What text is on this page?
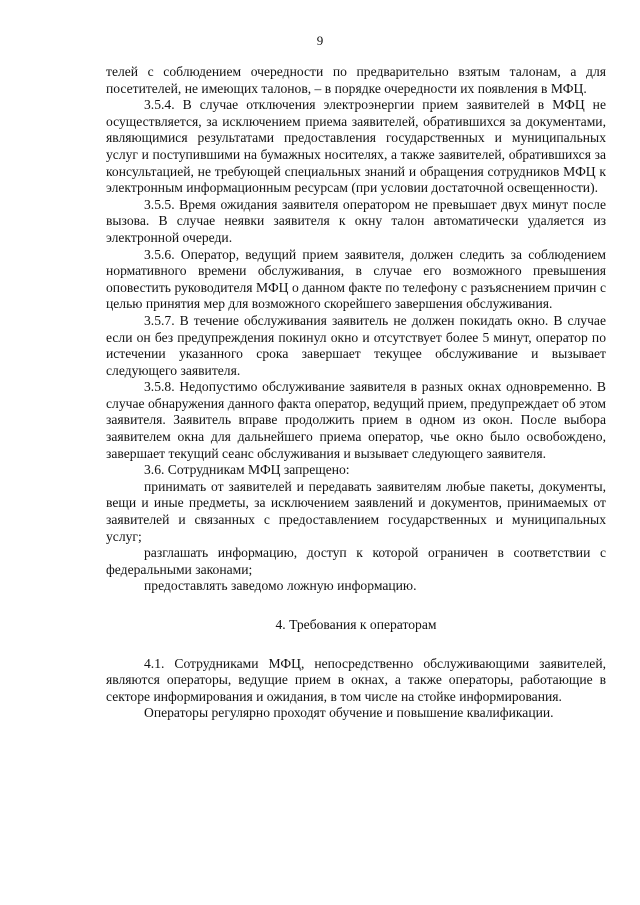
9

телей с соблюдением очередности по предварительно взятым талонам, а для посетителей, не имеющих талонов, – в порядке очередности их появления в МФЦ.

3.5.4. В случае отключения электроэнергии прием заявителей в МФЦ не осуществляется, за исключением приема заявителей, обратившихся за документами, являющимися результатами предоставления государственных и муниципальных услуг и поступившими на бумажных носителях, а также заявителей, обратившихся за консультацией, не требующей специальных знаний и обращения сотрудников МФЦ к электронным информационным ресурсам (при условии достаточной освещенности).

3.5.5. Время ожидания заявителя оператором не превышает двух минут после вызова. В случае неявки заявителя к окну талон автоматически удаляется из электронной очереди.

3.5.6. Оператор, ведущий прием заявителя, должен следить за соблюдением нормативного времени обслуживания, в случае его возможного превышения оповестить руководителя МФЦ о данном факте по телефону с разъяснением причин с целью принятия мер для возможного скорейшего завершения обслуживания.

3.5.7. В течение обслуживания заявитель не должен покидать окно. В случае если он без предупреждения покинул окно и отсутствует более 5 минут, оператор по истечении указанного срока завершает текущее обслуживание и вызывает следующего заявителя.

3.5.8. Недопустимо обслуживание заявителя в разных окнах одновременно. В случае обнаружения данного факта оператор, ведущий прием, предупреждает об этом заявителя. Заявитель вправе продолжить прием в одном из окон. После выбора заявителем окна для дальнейшего приема оператор, чье окно было освобождено, завершает текущий сеанс обслуживания и вызывает следующего заявителя.

3.6. Сотрудникам МФЦ запрещено:

принимать от заявителей и передавать заявителям любые пакеты, документы, вещи и иные предметы, за исключением заявлений и документов, принимаемых от заявителей и связанных с предоставлением государственных и муниципальных услуг;

разглашать информацию, доступ к которой ограничен в соответствии с федеральными законами;

предоставлять заведомо ложную информацию.

4. Требования к операторам

4.1. Сотрудниками МФЦ, непосредственно обслуживающими заявителей, являются операторы, ведущие прием в окнах, а также операторы, работающие в секторе информирования и ожидания, в том числе на стойке информирования.

Операторы регулярно проходят обучение и повышение квалификации.
